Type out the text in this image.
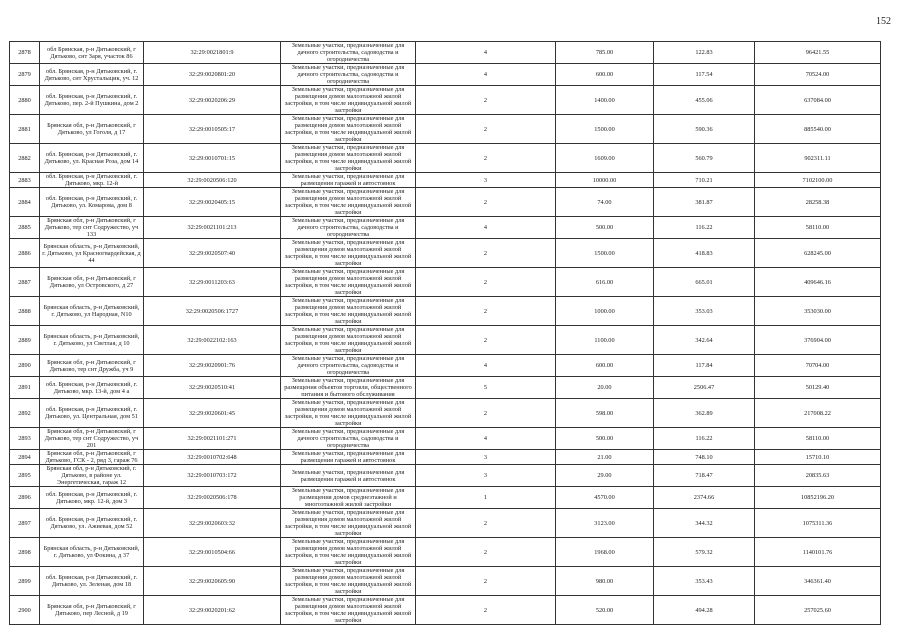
152
2878	обл Брянская, р-н Дятьковский, г Дятьково, снт Заря, участок 86	32:29:0021801:9	Земельные участки, предназначенные для дачного строительства, садоводства и огородничества	4	785.00	122.83	96421.55
2879	обл. Брянская, р-н Дятьковский, г. Дятьково, снт Хрустальщик, уч. 12	32:29:0020801:20	Земельные участки, предназначенные для дачного строительства, садоводства и огородничества	4	600.00	117.54	70524.00
2880	обл. Брянская, р-н Дятьковский, г. Дятьково, пер. 2-й Пушкина, дом 2	32:29:0020206:29	Земельные участки, предназначенные для размещения домов малоэтажной жилой застройки, в том числе индивидуальной жилой застройки	2	1400.00	455.06	637084.00
2881	Брянская обл, р-н Дятьковский, г Дятьково, ул Гоголя, д 17	32:29:0010505:17	Земельные участки, предназначенные для размещения домов малоэтажной жилой застройки, в том числе индивидуальной жилой застройки	2	1500.00	590.36	885540.00
2882	обл. Брянская, р-н Дятьковский, г. Дятьково, ул. Красная Роза, дом 14	32:29:0010701:15	Земельные участки, предназначенные для размещения домов малоэтажной жилой застройки, в том числе индивидуальной жилой застройки	2	1609.00	560.79	902311.11
2883	обл. Брянская, р-н Дятьковский, г. Дятьково, мкр. 12-й	32:29:0020506:120	Земельные участки, предназначенные для размещения гаражей и автостоянок	3	10000.00	710.21	7102100.00
2884	обл. Брянская, р-н Дятьковский, г. Дятьково, ул. Комарова, дом 8	32:29:0020405:15	Земельные участки, предназначенные для размещения домов малоэтажной жилой застройки, в том числе индивидуальной жилой застройки	2	74.00	381.87	28258.38
2885	Брянская обл, р-н Дятьковский, г Дятьково, тер снт Содружество, уч 133	32:29:0021101:213	Земельные участки, предназначенные для дачного строительства, садоводства и огородничества	4	500.00	116.22	58110.00
2886	Брянская область, р-н Дятьковский, г. Дятьково, ул Красногвардейская, д 44	32:29:0020507:40	Земельные участки, предназначенные для размещения домов малоэтажной жилой застройки, в том числе индивидуальной жилой застройки	2	1500.00	418.83	628245.00
2887	Брянская обл, р-н Дятьковский, г Дятьково, ул Островского, д 27	32:29:0011203:63	Земельные участки, предназначенные для размещения домов малоэтажной жилой застройки, в том числе индивидуальной жилой застройки	2	616.00	665.01	409646.16
2888	Брянская область, р-н Дятьковский, г. Дятьково, ул Народная, N10	32:29:0020506:1727	Земельные участки, предназначенные для размещения домов малоэтажной жилой застройки, в том числе индивидуальной жилой застройки	2	1000.00	353.03	353030.00
2889	Брянская область, р-н Дятьковский, г. Дятьково, ул Светлая, д 10	32:29:0022102:163	Земельные участки, предназначенные для размещения домов малоэтажной жилой застройки, в том числе индивидуальной жилой застройки	2	1100.00	342.64	376904.00
2890	Брянская обл, р-н Дятьковский, г Дятьково, тер снт Дружба, уч 9	32:29:0020901:76	Земельные участки, предназначенные для дачного строительства, садоводства и огородничества	4	600.00	117.84	70704.00
2891	обл. Брянская, р-н Дятьковский, г. Дятьково, мкр. 13-й, дом 4 а	32:29:0020510:41	Земельные участки, предназначенные для размещения объектов торговли, общественного питания и бытового обслуживания	5	20.00	2506.47	50129.40
2892	обл. Брянская, р-н Дятьковский, г. Дятьково, ул. Центральная, дом 51	32:29:0020601:45	Земельные участки, предназначенные для размещения домов малоэтажной жилой застройки, в том числе индивидуальной жилой застройки	2	598.00	362.89	217008.22
2893	Брянская обл, р-н Дятьковский, г Дятьково, тер снт Содружество, уч 201	32:29:0021101:271	Земельные участки, предназначенные для дачного строительства, садоводства и огородничества	4	500.00	116.22	58110.00
2894	Брянская обл, р-н Дятьковский, г Дятьково, ГСК - 2, ряд 3, гараж 76	32:29:0010702:648	Земельные участки, предназначенные для размещения гаражей и автостоянок	3	21.00	748.10	15710.10
2895	Брянская обл, р-н Дятьковский, г. Дятьково, в районе ул. Энергетическая, гараж 12	32:29:0010703:172	Земельные участки, предназначенные для размещения гаражей и автостоянок	3	29.00	718.47	20835.63
2896	обл. Брянская, р-н Дятьковский, г. Дятьково, мкр. 12-й, дом 3	32:29:0020506:178	Земельные участки, предназначенные для размещения домов среднеэтажной и многоэтажной жилой застройки	1	4570.00	2374.66	10852196.20
2897	обл. Брянская, р-н Дятьковский, г. Дятьково, ул. Ажиевая, дом 52	32:29:0020603:32	Земельные участки, предназначенные для размещения домов малоэтажной жилой застройки, в том числе индивидуальной жилой застройки	2	3123.00	344.32	1075311.36
2898	Брянская область, р-н Дятьковский, г. Дятьково, ул Фокина, д 37	32:29:0010504:66	Земельные участки, предназначенные для размещения домов малоэтажной жилой застройки, в том числе индивидуальной жилой застройки	2	1968.00	579.32	1140101.76
2899	обл. Брянская, р-н Дятьковский, г. Дятьково, ул. Зеленая, дом 18	32:29:0020605:90	Земельные участки, предназначенные для размещения домов малоэтажной жилой застройки, в том числе индивидуальной жилой застройки	2	980.00	353.43	346361.40
2900	Брянская обл, р-н Дятьковский, г Дятьково, пер Лесной, д 19	32:29:0020201:62	Земельные участки, предназначенные для размещения домов малоэтажной жилой застройки, в том числе индивидуальной жилой застройки	2	520.00	494.28	257025.60
